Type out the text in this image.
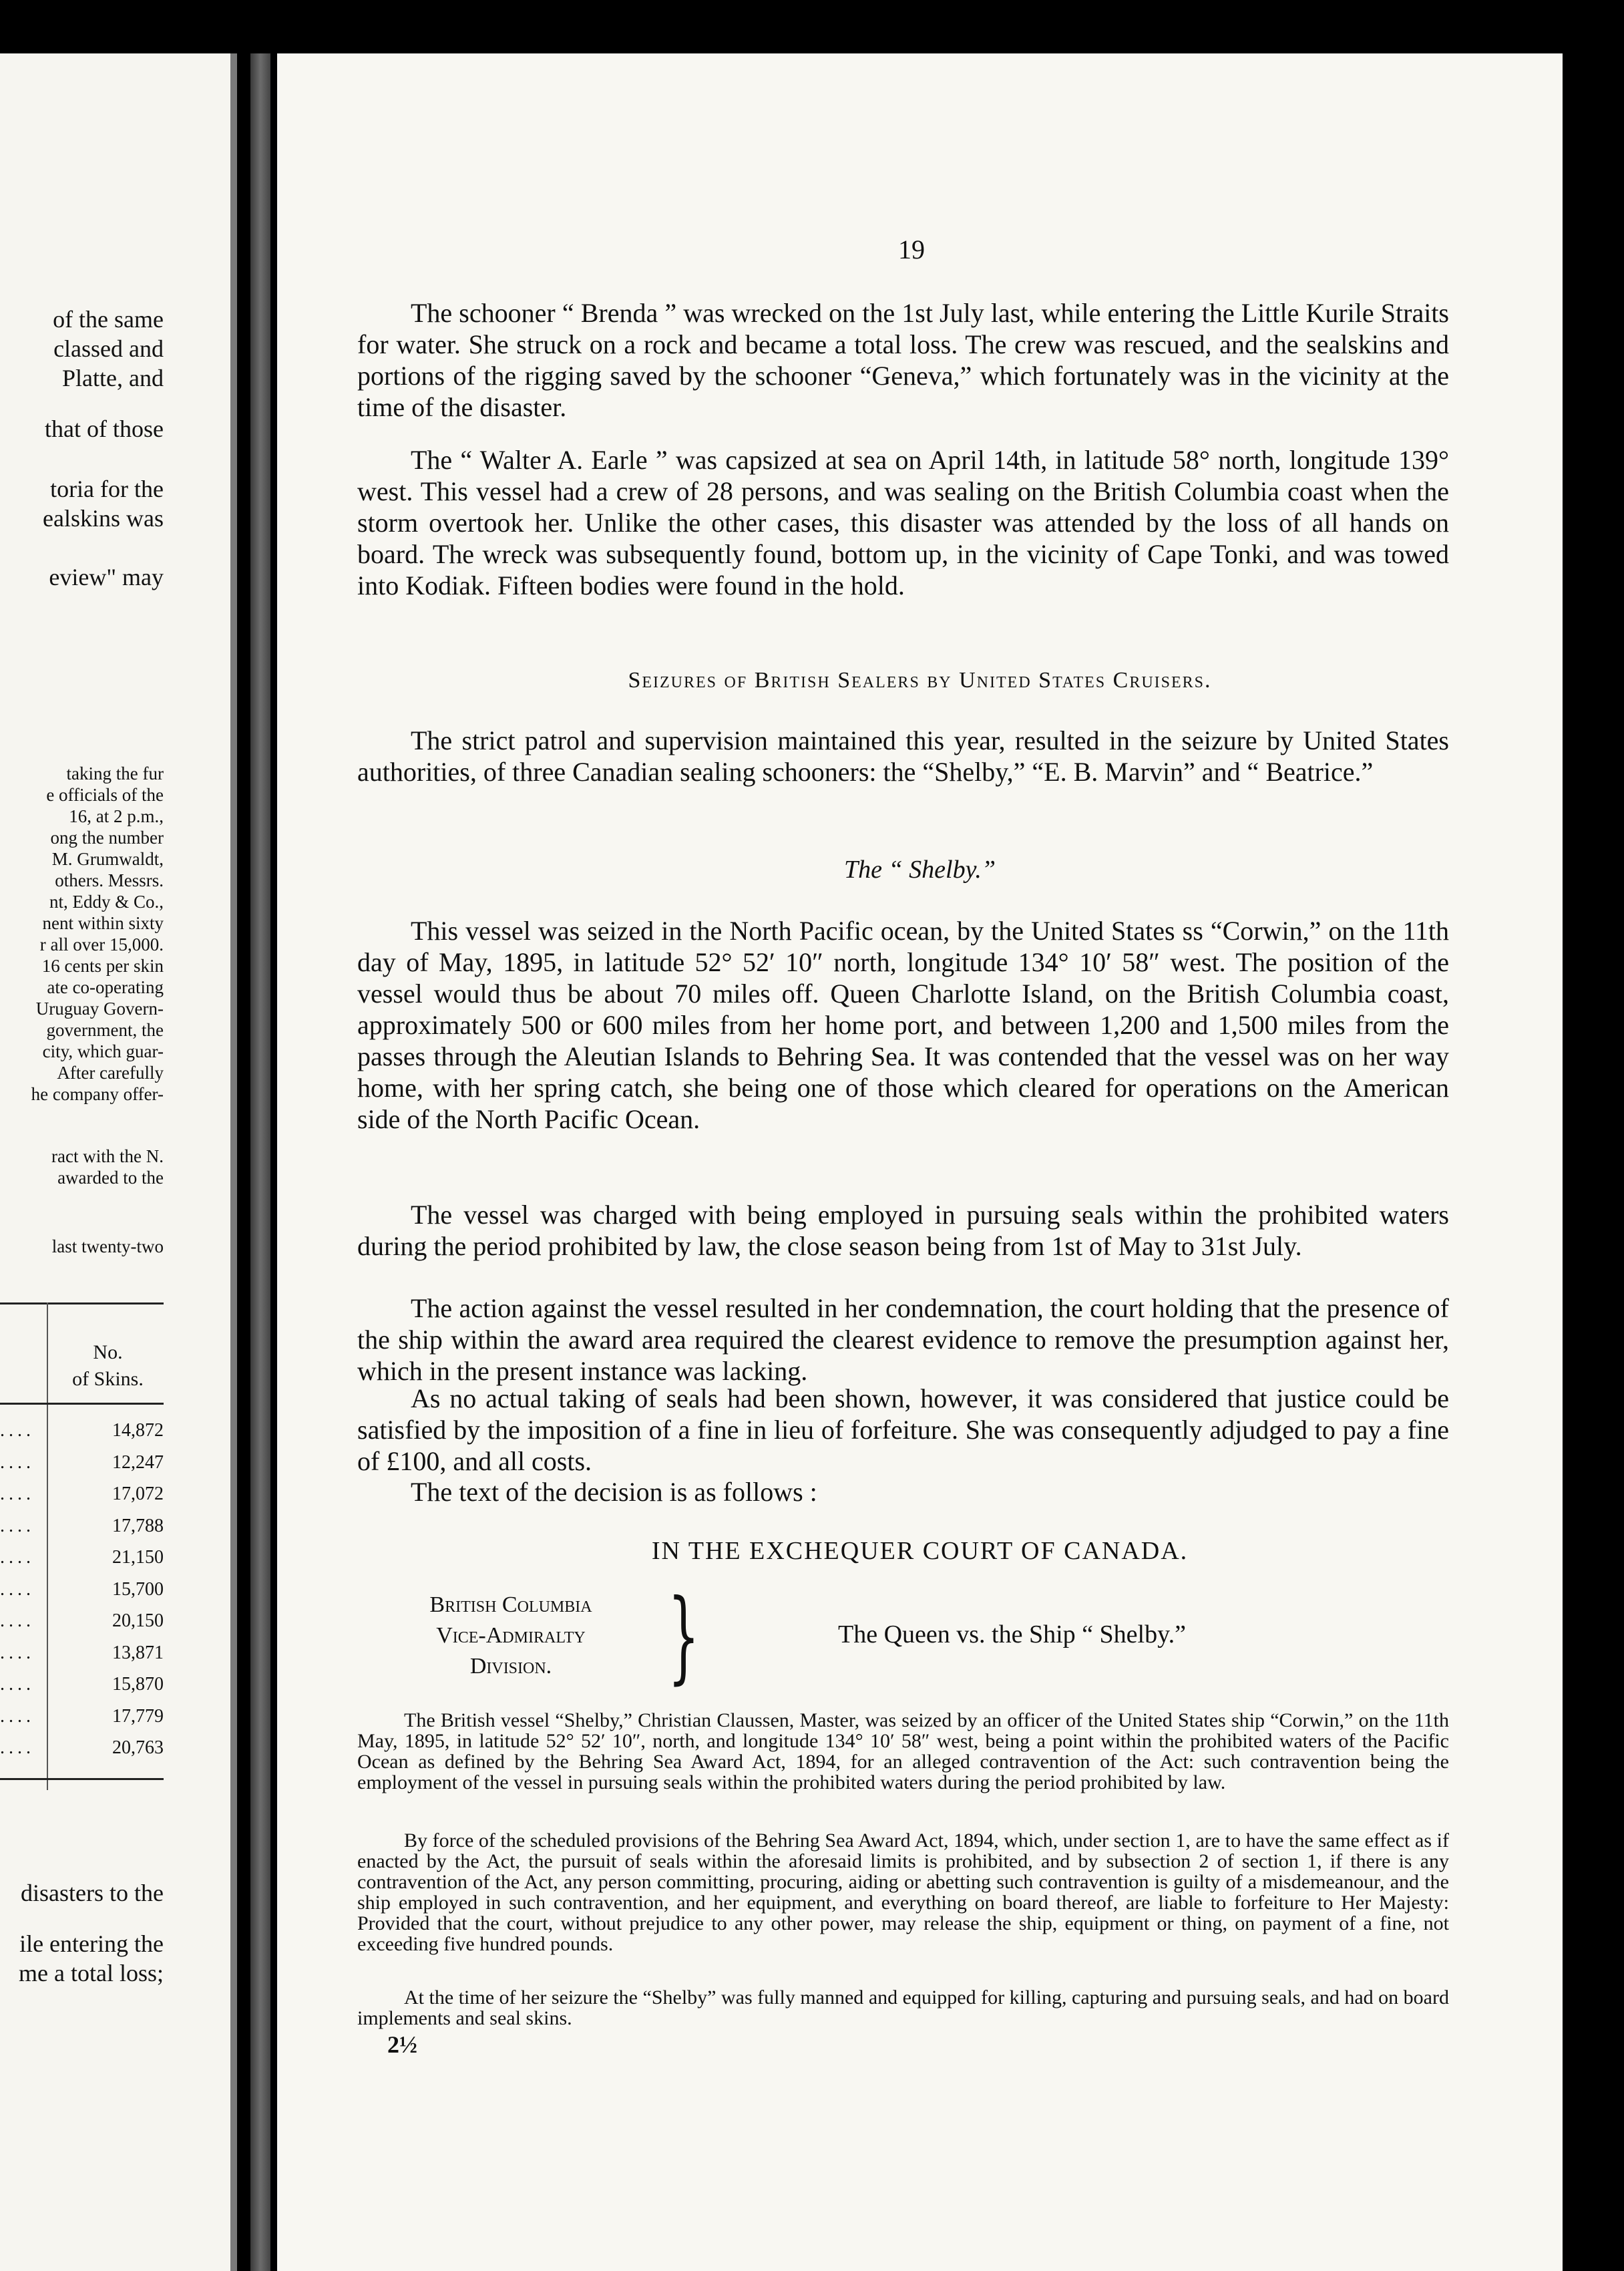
of the same
classed and
Platte, and
that of those
toria for the
ealskins was
eview" may
taking the fur
e officials of the
16, at 2 p.m.,
ong the number
M. Grumwaldt,
others. Messrs.
nt, Eddy & Co.,
nent within sixty
r all over 15,000.
16 cents per skin
ate co-operating
Uruguay Govern-
government, the
city, which guar-
After carefully
he company offer-
ract with the N.
awarded to the
last twenty-two
No.
of Skins.
....	14,872
....	12,247
....	17,072
....	17,788
....	21,150
....	15,700
....	20,150
....	13,871
....	15,870
....	17,779
....	20,763
disasters to the
ile entering the
me a total loss;
19

The schooner “ Brenda ” was wrecked on the 1st July last, while entering the Little Kurile Straits for water. She struck on a rock and became a total loss. The crew was rescued, and the sealskins and portions of the rigging saved by the schooner “Geneva,” which fortunately was in the vicinity at the time of the disaster.

The “ Walter A. Earle ” was capsized at sea on April 14th, in latitude 58° north, longitude 139° west. This vessel had a crew of 28 persons, and was sealing on the British Columbia coast when the storm overtook her. Unlike the other cases, this disaster was attended by the loss of all hands on board. The wreck was subsequently found, bottom up, in the vicinity of Cape Tonki, and was towed into Kodiak. Fifteen bodies were found in the hold.

Seizures of British Sealers by United States Cruisers.

The strict patrol and supervision maintained this year, resulted in the seizure by United States authorities, of three Canadian sealing schooners: the “Shelby,” “E. B. Marvin” and “ Beatrice.”

The “ Shelby.”

This vessel was seized in the North Pacific ocean, by the United States ss “Corwin,” on the 11th day of May, 1895, in latitude 52° 52′ 10″ north, longitude 134° 10′ 58″ west. The position of the vessel would thus be about 70 miles off. Queen Charlotte Island, on the British Columbia coast, approximately 500 or 600 miles from her home port, and between 1,200 and 1,500 miles from the passes through the Aleutian Islands to Behring Sea. It was contended that the vessel was on her way home, with her spring catch, she being one of those which cleared for operations on the American side of the North Pacific Ocean.

The vessel was charged with being employed in pursuing seals within the prohibited waters during the period prohibited by law, the close season being from 1st of May to 31st July.

The action against the vessel resulted in her condemnation, the court holding that the presence of the ship within the award area required the clearest evidence to remove the presumption against her, which in the present instance was lacking.

As no actual taking of seals had been shown, however, it was considered that justice could be satisfied by the imposition of a fine in lieu of forfeiture. She was consequently adjudged to pay a fine of £100, and all costs.

The text of the decision is as follows :

IN THE EXCHEQUER COURT OF CANADA.
British Columbia
Vice-Admiralty
Division.	}	The Queen vs. the Ship “ Shelby.”

The British vessel “Shelby,” Christian Claussen, Master, was seized by an officer of the United States ship “Corwin,” on the 11th May, 1895, in latitude 52° 52′ 10″, north, and longitude 134° 10′ 58″ west, being a point within the prohibited waters of the Pacific Ocean as defined by the Behring Sea Award Act, 1894, for an alleged contravention of the Act: such contravention being the employment of the vessel in pursuing seals within the prohibited waters during the period prohibited by law.

By force of the scheduled provisions of the Behring Sea Award Act, 1894, which, under section 1, are to have the same effect as if enacted by the Act, the pursuit of seals within the aforesaid limits is prohibited, and by subsection 2 of section 1, if there is any contravention of the Act, any person committing, procuring, aiding or abetting such contravention is guilty of a misdemeanour, and the ship employed in such contravention, and her equipment, and everything on board thereof, are liable to forfeiture to Her Majesty: Provided that the court, without prejudice to any other power, may release the ship, equipment or thing, on payment of a fine, not exceeding five hundred pounds.

At the time of her seizure the “Shelby” was fully manned and equipped for killing, capturing and pursuing seals, and had on board implements and seal skins.

2½
